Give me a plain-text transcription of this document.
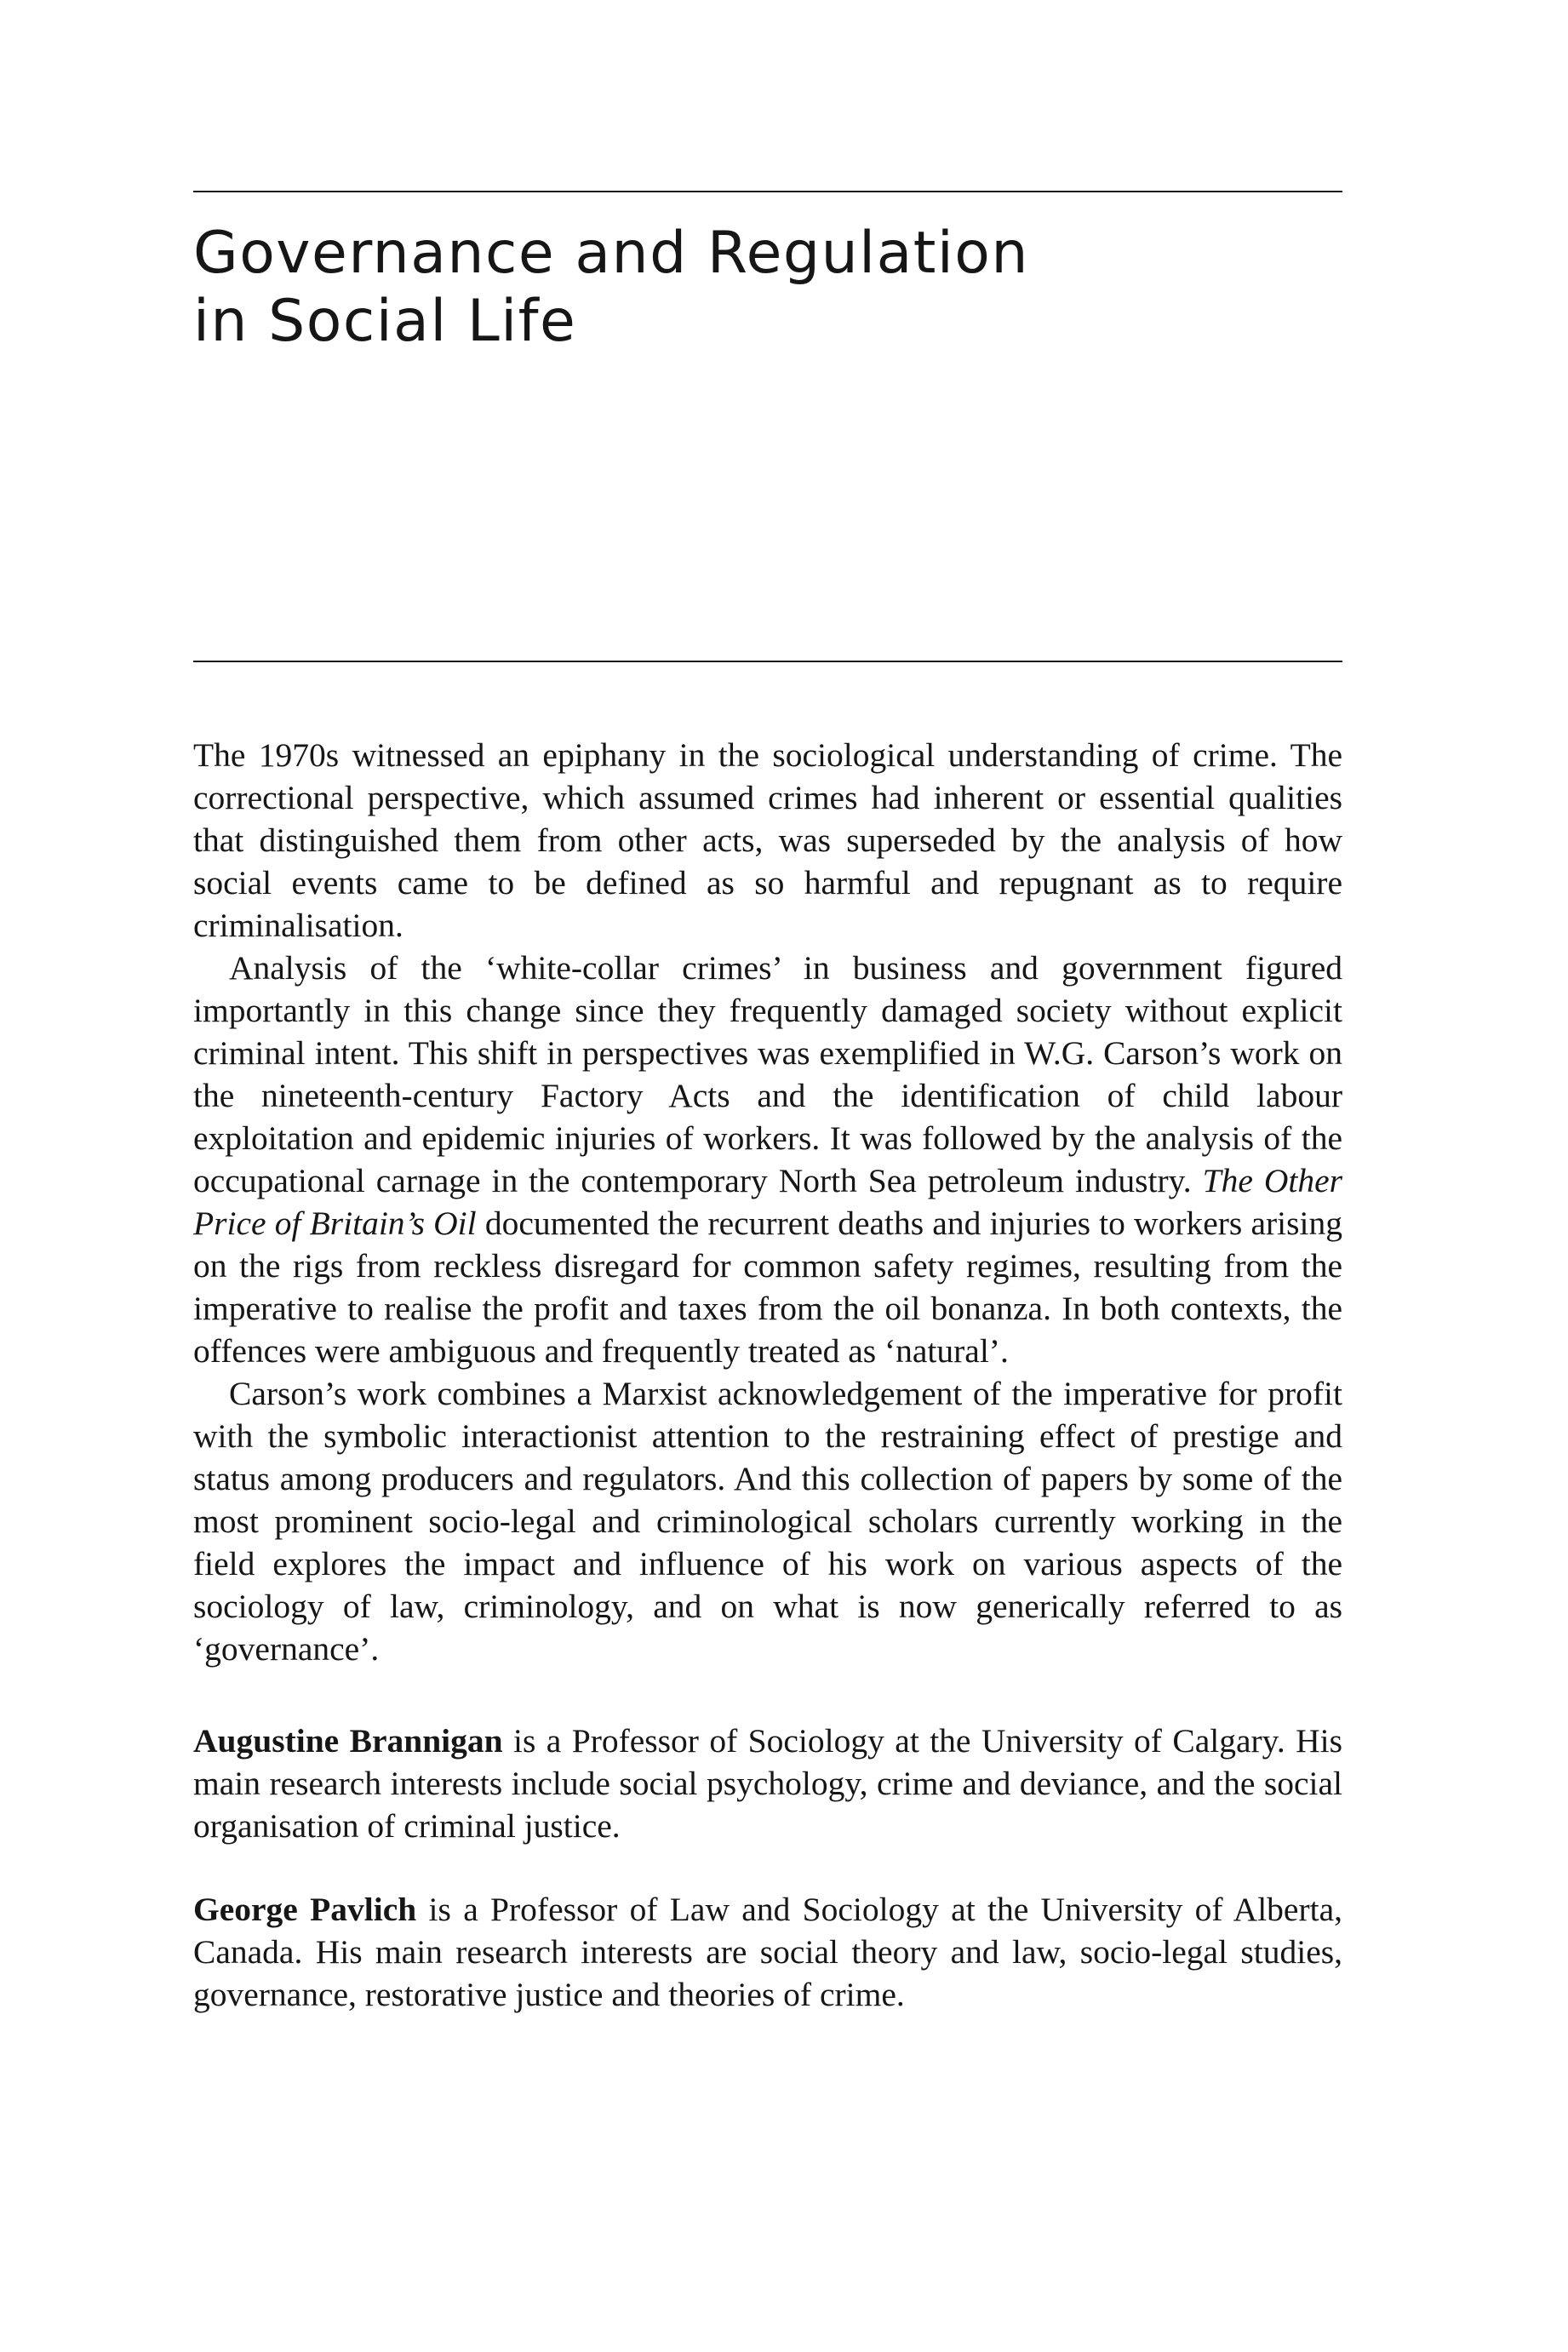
Governance and Regulation
in Social Life

The 1970s witnessed an epiphany in the sociological understanding of crime. The correctional perspective, which assumed crimes had inherent or essential qualities that distinguished them from other acts, was superseded by the analysis of how social events came to be defined as so harmful and repugnant as to require criminalisation.

Analysis of the ‘white-collar crimes’ in business and government figured importantly in this change since they frequently damaged society without explicit criminal intent. This shift in perspectives was exemplified in W.G. Carson’s work on the nineteenth-century Factory Acts and the identification of child labour exploitation and epidemic injuries of workers. It was followed by the analysis of the occupational carnage in the contemporary North Sea petroleum industry. The Other Price of Britain’s Oil documented the recurrent deaths and injuries to workers arising on the rigs from reckless disregard for common safety regimes, resulting from the imperative to realise the profit and taxes from the oil bonanza. In both contexts, the offences were ambiguous and frequently treated as ‘natural’.

Carson’s work combines a Marxist acknowledgement of the imperative for profit with the symbolic interactionist attention to the restraining effect of prestige and status among producers and regulators. And this collection of papers by some of the most prominent socio-legal and criminological scholars currently working in the field explores the impact and influence of his work on various aspects of the sociology of law, criminology, and on what is now generically referred to as ‘governance’.

Augustine Brannigan is a Professor of Sociology at the University of Calgary. His main research interests include social psychology, crime and deviance, and the social organisation of criminal justice.

George Pavlich is a Professor of Law and Sociology at the University of Alberta, Canada. His main research interests are social theory and law, socio-legal studies, governance, restorative justice and theories of crime.
